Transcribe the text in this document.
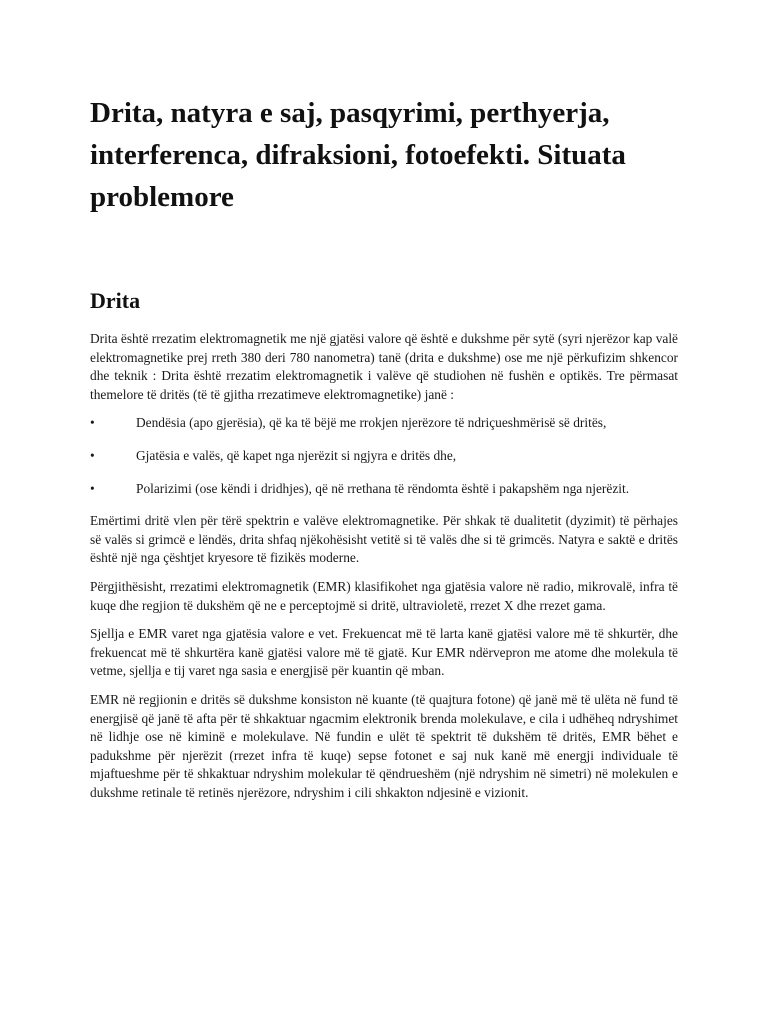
Drita, natyra e saj, pasqyrimi, perthyerja, interferenca, difraksioni, fotoefekti. Situata problemore
Drita

Drita është rrezatim elektromagnetik me një gjatësi valore që është e dukshme për sytë (syri njerëzor kap valë elektromagnetike prej rreth 380 deri 780 nanometra) tanë (drita e dukshme) ose me një përkufizim shkencor dhe teknik : Drita është rrezatim elektromagnetik i valëve që studiohen në fushën e optikës. Tre përmasat themelore të dritës (të të gjitha rrezatimeve elektromagnetike) janë :

•	Dendësia (apo gjerësia), që ka të bëjë me rrokjen njerëzore të ndriçueshmërisë së dritës,
•	Gjatësia e valës, që kapet nga njerëzit si ngjyra e dritës dhe,
•	Polarizimi (ose këndi i dridhjes), që në rrethana të rëndomta është i pakapshëm nga njerëzit.

Emërtimi dritë vlen për tërë spektrin e valëve elektromagnetike. Për shkak të dualitetit (dyzimit) të përhajes së valës si grimcë e lëndës, drita shfaq njëkohësisht vetitë si të valës dhe si të grimcës. Natyra e saktë e dritës është një nga çështjet kryesore të fizikës moderne.

Përgjithësisht, rrezatimi elektromagnetik (EMR) klasifikohet nga gjatësia valore në radio, mikrovalë, infra të kuqe dhe regjion të dukshëm që ne e perceptojmë si dritë, ultravioletë, rrezet X dhe rrezet gama.

Sjellja e EMR varet nga gjatësia valore e vet. Frekuencat më të larta kanë gjatësi valore më të shkurtër, dhe frekuencat më të shkurtëra kanë gjatësi valore më të gjatë. Kur EMR ndërvepron me atome dhe molekula të vetme, sjellja e tij varet nga sasia e energjisë për kuantin që mban.

EMR në regjionin e dritës së dukshme konsiston në kuante (të quajtura fotone) që janë më të ulëta në fund të energjisë që janë të afta për të shkaktuar ngacmim elektronik brenda molekulave, e cila i udhëheq ndryshimet në lidhje ose në kiminë e molekulave. Në fundin e ulët të spektrit të dukshëm të dritës, EMR bëhet e padukshme për njerëzit (rrezet infra të kuqe) sepse fotonet e saj nuk kanë më energji individuale të mjaftueshme për të shkaktuar ndryshim molekular të qëndrueshëm (një ndryshim në simetri) në molekulen e dukshme retinale të retinës njerëzore, ndryshim i cili shkakton ndjesinë e vizionit.
